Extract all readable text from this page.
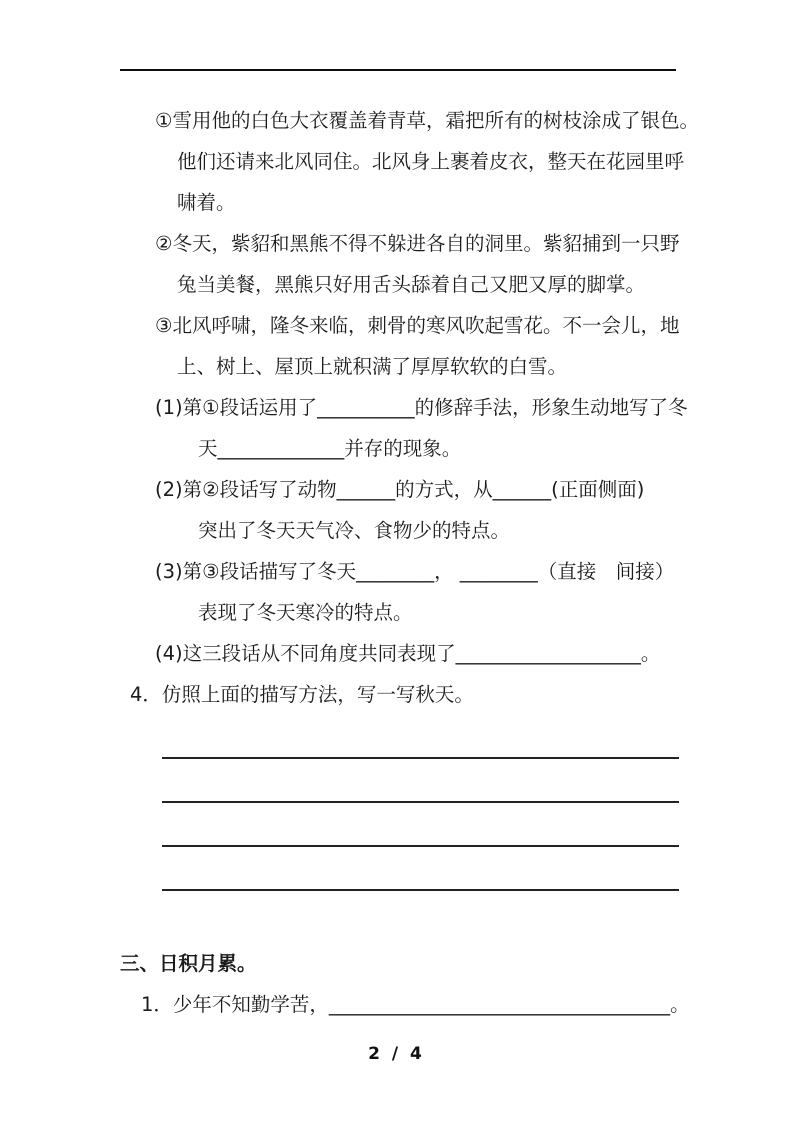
①雪用他的白色大衣覆盖着青草，霜把所有的树枝涂成了银色。
他们还请来北风同住。北风身上裹着皮衣，整天在花园里呼
啸着。
②冬天，紫貂和黑熊不得不躲进各自的洞里。紫貂捕到一只野
兔当美餐，黑熊只好用舌头舔着自己又肥又厚的脚掌。
③北风呼啸，隆冬来临，刺骨的寒风吹起雪花。不一会儿，地
上、树上、屋顶上就积满了厚厚软软的白雪。
(1)第①段话运用了__________的修辞手法，形象生动地写了冬
天_____________并存的现象。
(2)第②段话写了动物______的方式，从______(正面侧面)
突出了冬天天气冷、食物少的特点。
(3)第③段话描写了冬天________， ________（直接　间接）
表现了冬天寒冷的特点。
(4)这三段话从不同角度共同表现了___________________。
4．仿照上面的描写方法，写一写秋天。
三、日积月累。
1．少年不知勤学苦，___________________________________。
2 / 4
